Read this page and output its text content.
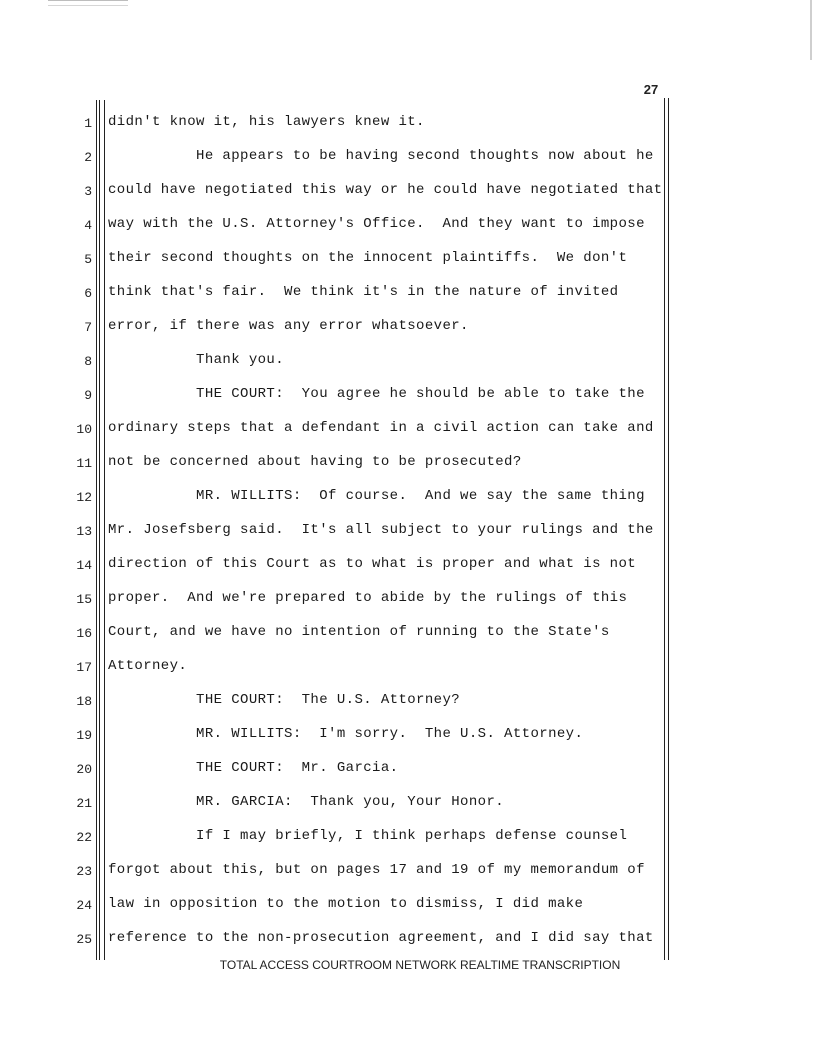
27
1 didn't know it, his lawyers knew it.
2 He appears to be having second thoughts now about he
3 could have negotiated this way or he could have negotiated that
4 way with the U.S. Attorney's Office.  And they want to impose
5 their second thoughts on the innocent plaintiffs.  We don't
6 think that's fair.  We think it's in the nature of invited
7 error, if there was any error whatsoever.
8 Thank you.
9 THE COURT:  You agree he should be able to take the
10 ordinary steps that a defendant in a civil action can take and
11 not be concerned about having to be prosecuted?
12 MR. WILLITS:  Of course.  And we say the same thing
13 Mr. Josefsberg said.  It's all subject to your rulings and the
14 direction of this Court as to what is proper and what is not
15 proper.  And we're prepared to abide by the rulings of this
16 Court, and we have no intention of running to the State's
17 Attorney.
18 THE COURT:  The U.S. Attorney?
19 MR. WILLITS:  I'm sorry.  The U.S. Attorney.
20 THE COURT:  Mr. Garcia.
21 MR. GARCIA:  Thank you, Your Honor.
22 If I may briefly, I think perhaps defense counsel
23 forgot about this, but on pages 17 and 19 of my memorandum of
24 law in opposition to the motion to dismiss, I did make
25 reference to the non-prosecution agreement, and I did say that
TOTAL ACCESS COURTROOM NETWORK REALTIME TRANSCRIPTION
